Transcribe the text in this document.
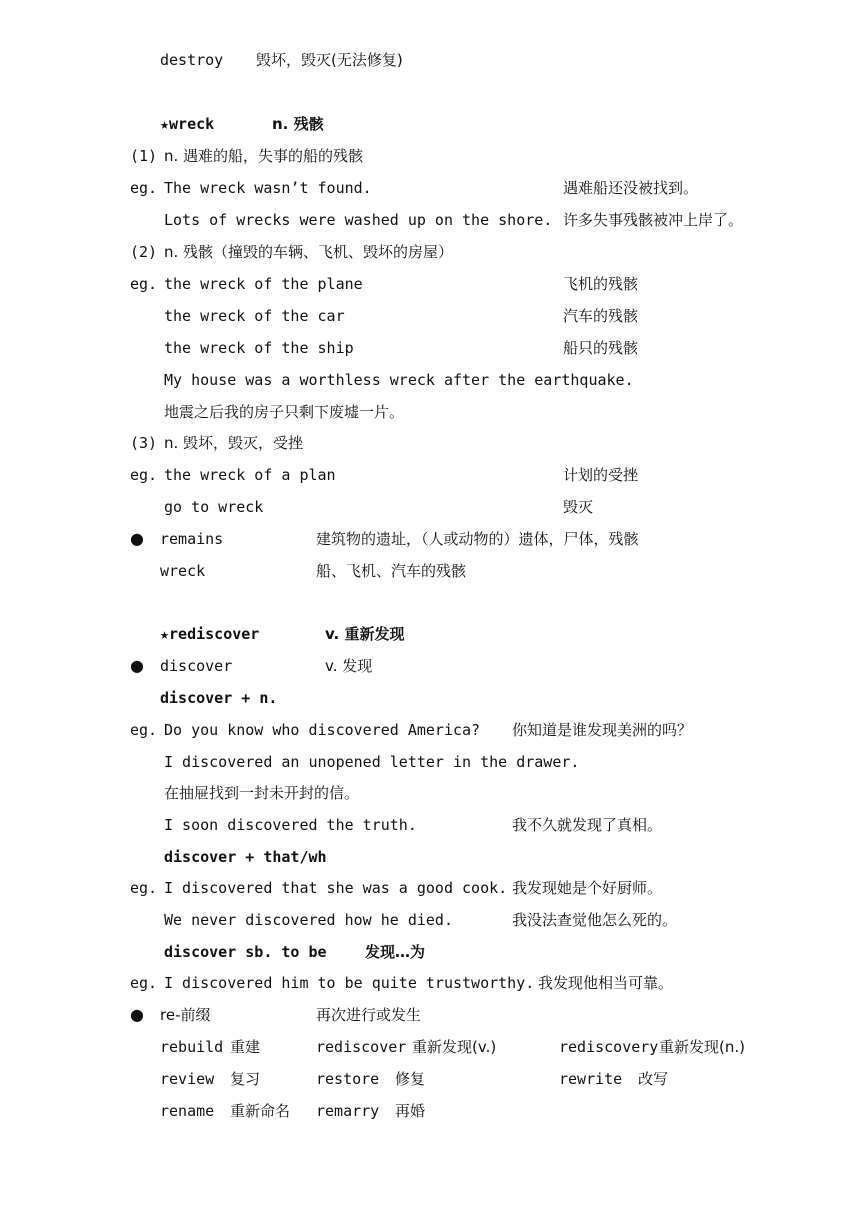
destroy 毁坏，毁灭(无法修复)
★wreck	n. 残骸
(1) n. 遇难的船，失事的船的残骸
eg. The wreck wasn’t found.	遇难船还没被找到。
Lots of wrecks were washed up on the shore. 许多失事残骸被冲上岸了。
(2) n. 残骸（撞毁的车辆、飞机、毁坏的房屋）
eg. the wreck of the plane	飞机的残骸
the wreck of the car	汽车的残骸
the wreck of the ship	船只的残骸
My house was a worthless wreck after the earthquake.
地震之后我的房子只剩下废墟一片。
(3) n. 毁坏，毁灭，受挫
eg. the wreck of a plan	计划的受挫
go to wreck	毁灭
● remains	建筑物的遗址，（人或动物的）遗体，尸体，残骸
wreck	船、飞机、汽车的残骸
★rediscover	v. 重新发现
● discover	v. 发现
discover + n.
eg. Do you know who discovered America? 你知道是谁发现美洲的吗？
I discovered an unopened letter in the drawer.
在抽屉找到一封未开封的信。
I soon discovered the truth.	我不久就发现了真相。
discover + that/wh
eg. I discovered that she was a good cook. 我发现她是个好厨师。
We never discovered how he died.	我没法查觉他怎么死的。
discover sb. to be	发现…为
eg. I discovered him to be quite trustworthy. 我发现他相当可靠。
● re-前缀	再次进行或发生
rebuild 重建	rediscover 重新发现(v.)	rediscovery 重新发现(n.)
review 复习	restore 修复	rewrite 改写
rename 重新命名 remarry 再婚
